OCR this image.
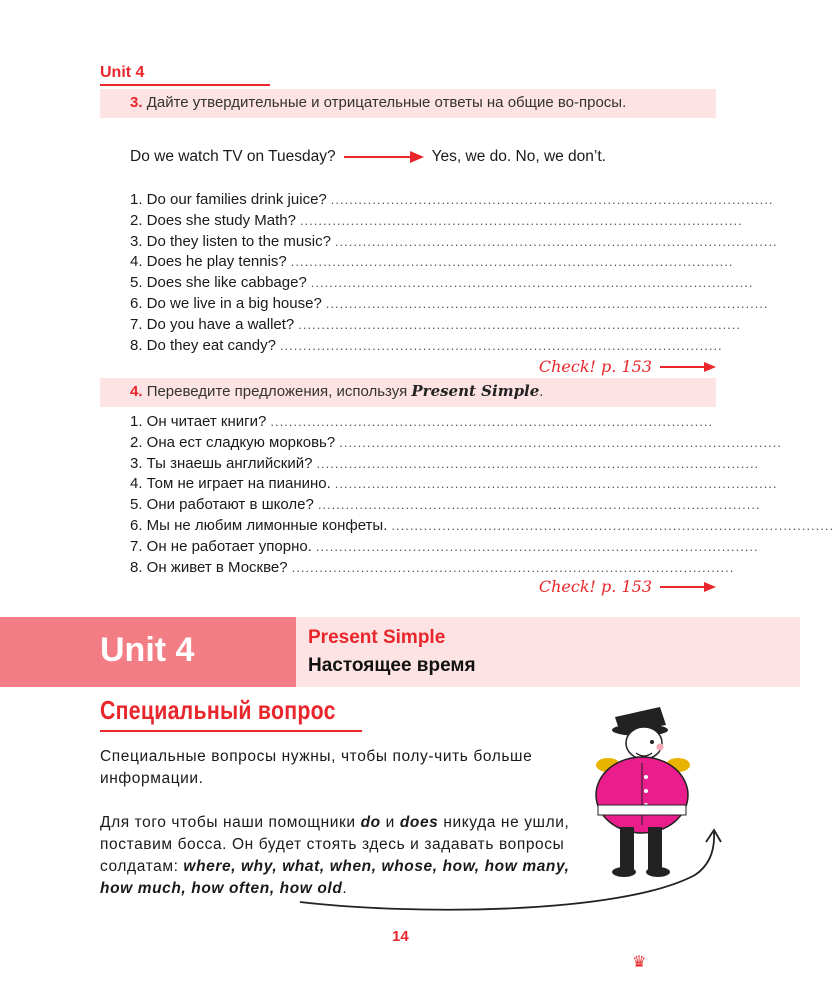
Unit 4
3. Дайте утвердительные и отрицательные ответы на общие во-просы.
Do we watch TV on Tuesday?	Yes, we do. No, we don’t.
1. Do our families drink juice? ................................................................................................
2. Does she study Math? ................................................................................................
3. Do they listen to the music? ................................................................................................
4. Does he play tennis? ................................................................................................
5. Does she like cabbage? ................................................................................................
6. Do we live in a big house? ................................................................................................
7. Do you have a wallet? ................................................................................................
8. Do they eat candy? ................................................................................................
Check! p. 153
4. Переведите предложения, используя Present Simple.
1. Он читает книги? ................................................................................................
2. Она ест сладкую морковь? ................................................................................................
3. Ты знаешь английский? ................................................................................................
4. Том не играет на пианино. ................................................................................................
5. Они работают в школе? ................................................................................................
6. Мы не любим лимонные конфеты. ................................................................................................
7. Он не работает упорно. ................................................................................................
8. Он живет в Москве? ................................................................................................
Check! p. 153
Unit 4	Present Simple
Настоящее время
Специальный вопрос
Специальные вопросы нужны, чтобы полу-чить больше информации.
Для того чтобы наши помощники do и does никуда не ушли, поставим босса. Он будет стоять здесь и задавать вопросы солдатам: where, why, what, when, whose, how, how many, how much, how often, how old.
14
♛
